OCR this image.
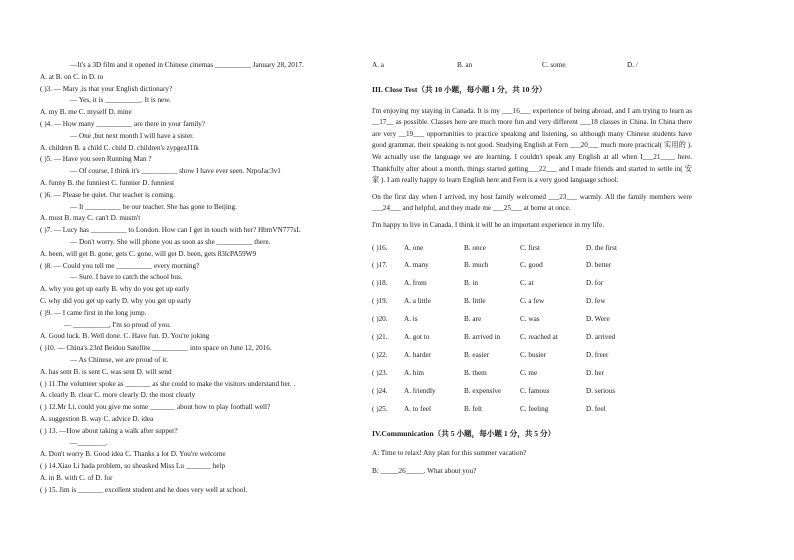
—It's a 3D film and it opened in Chinese cinemas __________ January 28, 2017.
A. at B. on C. in D. to
( )3. — Mary ,is that your English dictionary?
— Yes, it is __________. It is new.
A. my B. me C. myself D. mine
( )4. — How many __________ are there in your family?
— One ,but next month I will have a sister.
A. children B. a child C. child D. children's zypgezJ1lk
( )5. — Have you seen Running Man ?
— Of course, I think it's __________ show I have ever seen. NrpoJac3v1
A. funny B. the funniest C. funnier D. funniest
( )6. — Please be quiet. Our teacher is coming.
— It __________ be our teacher. She has gone to Beijing.
A. must B. may C. can't D. mustn't
( )7. — Lucy has __________ to London. How can I get in touch with her? HbmVN777sL
— Don't worry. She will phone you as soon as she __________ there.
A. been, will get B. gone, gets C. gone, will get D. been, gets 83lcPA59W9
( )8. — Could you tell me __________ every morning?
— Sure. I have to catch the school bus.
A. why you get up early B. why do you get up early
C. why did you get up early D. why you get up early
( )9. — I came first in the long jump.
— __________, I'm so proud of you.
A. Good luck. B. Well done. C. Have fun. D. You're joking
( )10. — China's 23rd Beidou Satellite __________ into space on June 12, 2016.
— As Chinese, we are proud of it.
A. has sent B. is sent C. was sent D. will send
( ) 11.The volunteer spoke as _______ as she could to make the visitors understand her. .
A. clearly B. clear C. more clearly D. the most clearly
( ) 12.Mr Li, could you give me some _______ about how to play football well?
A. suggestion B. way C. advice D. idea
( ) 13. —How about taking a walk after supper?
—________.
A. Don't worry B. Good idea C. Thanks a lot D. You're welcome
( ) 14.Xiao Li hada problem, so sheasked Miss Lu _______ help
A. in B. with C. of D. for
( ) 15. Jim is _______ excellent student and he does very well at school.
A. a	B. an	C. some	D. /
III. Close Test（共 10 小题，每小题 1 分，共 10 分）
I'm enjoying my staying in Canada. It is my ___16___ experience of being abroad, and I am trying to learn as __17__ as possible. Classes here are much more fun and very different ___18 classes in China. In China there are very __19___ opportunities to practice speaking and listening, so although many Chinese students have good grammar, their speaking is not good. Studying English at Fern ___20___ much more practical( 实用的 ). We actually use the language we are learning. I couldn't speak any English at all when I___21____ here. Thankfully after about a month, things started getting___22___ and I made friends and started to settle in( 安家 ). I am really happy to learn English here and Fern is a very good language school.
On the first day when I arrived, my host family welcomed ___23___ warmly. All the family members were ___24___ and helpful, and they made me ___25___ at home at once.
I'm happy to live in Canada. I think it will be an important experience in my life.
( )16.	A. one	B. once	C. first	D. the first
( )17.	A. many	B. much	C. good	D. better
( )18.	A. from	B. in	C. at	D. for
( )19.	A. a little	B. little	C. a few	D. few
( )20.	A. is	B. are	C. was	D. Were
( )21.	A. got to	B. arrived in	C. reached at	D. arrived
( )22.	A. harder	B. easier	C. busier	D. freer
( )23.	A. him	B. them	C. me	D. her
( )24.	A. friendly	B. expensive	C. famous	D. serious
( )25.	A. to feel	B. felt	C. feeling	D. feel
IV.Communication（共 5 小题，每小题 1 分，共 5 分）
A: Time to relax! Any plan for this summer vacation?
B: _____26_____. What about you?
